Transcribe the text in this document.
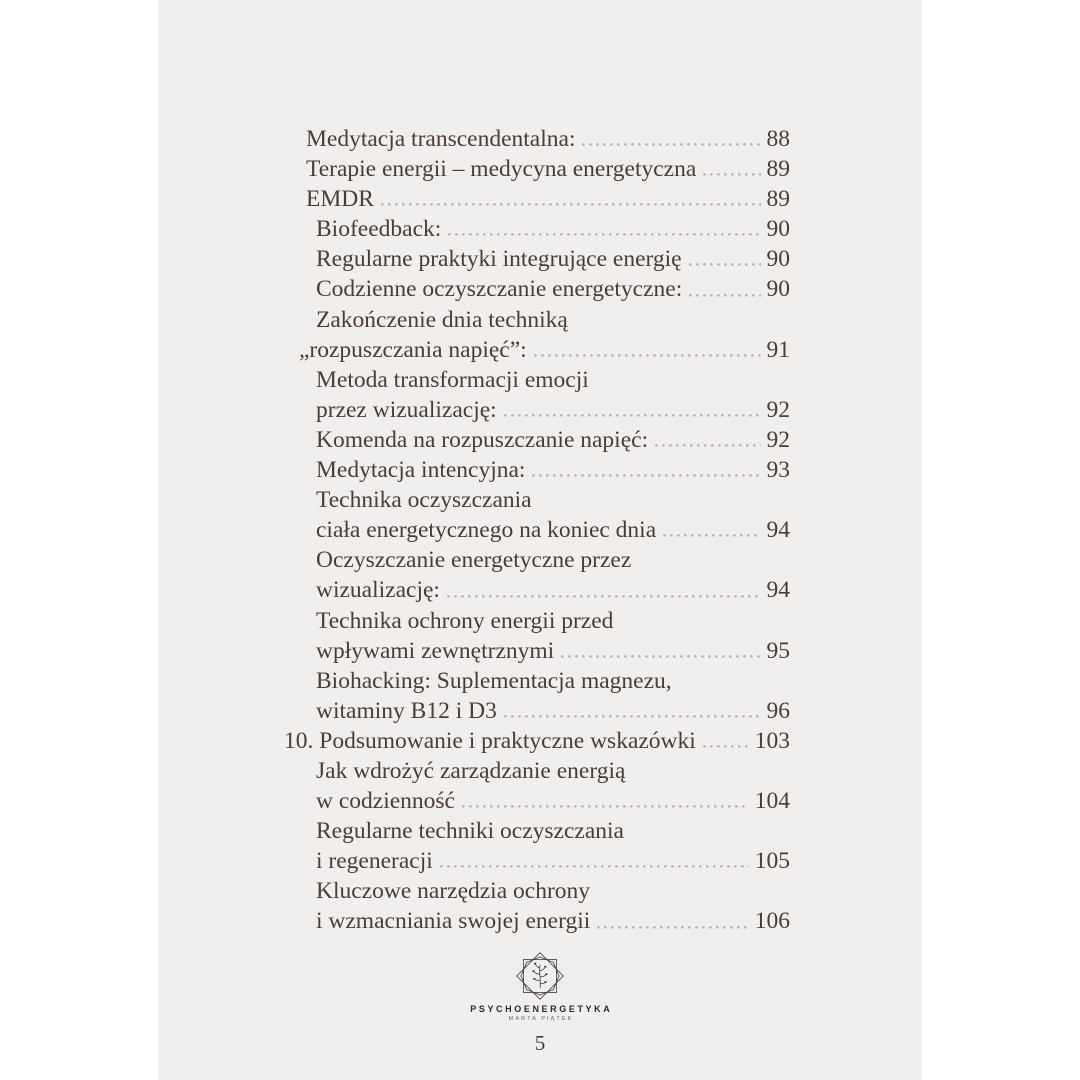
Medytacja transcendentalna:	88
Terapie energii – medycyna energetyczna	89
EMDR	89
Biofeedback:	90
Regularne praktyki integrujące energię	90
Codzienne oczyszczanie energetyczne:	90
Zakończenie dnia techniką
„rozpuszczania napięć”:	91
Metoda transformacji emocji
przez wizualizację:	92
Komenda na rozpuszczanie napięć:	92
Medytacja intencyjna:	93
Technika oczyszczania
ciała energetycznego na koniec dnia	94
Oczyszczanie energetyczne przez
wizualizację:	94
Technika ochrony energii przed
wpływami zewnętrznymi	95
Biohacking: Suplementacja magnezu,
witaminy B12 i D3	96
10. Podsumowanie i praktyczne wskazówki	103
Jak wdrożyć zarządzanie energią
w codzienność	104
Regularne techniki oczyszczania
i regeneracji	105
Kluczowe narzędzia ochrony
i wzmacniania swojej energii	106
PSYCHOENERGETYKA
MARTA PIĄTEK
5
